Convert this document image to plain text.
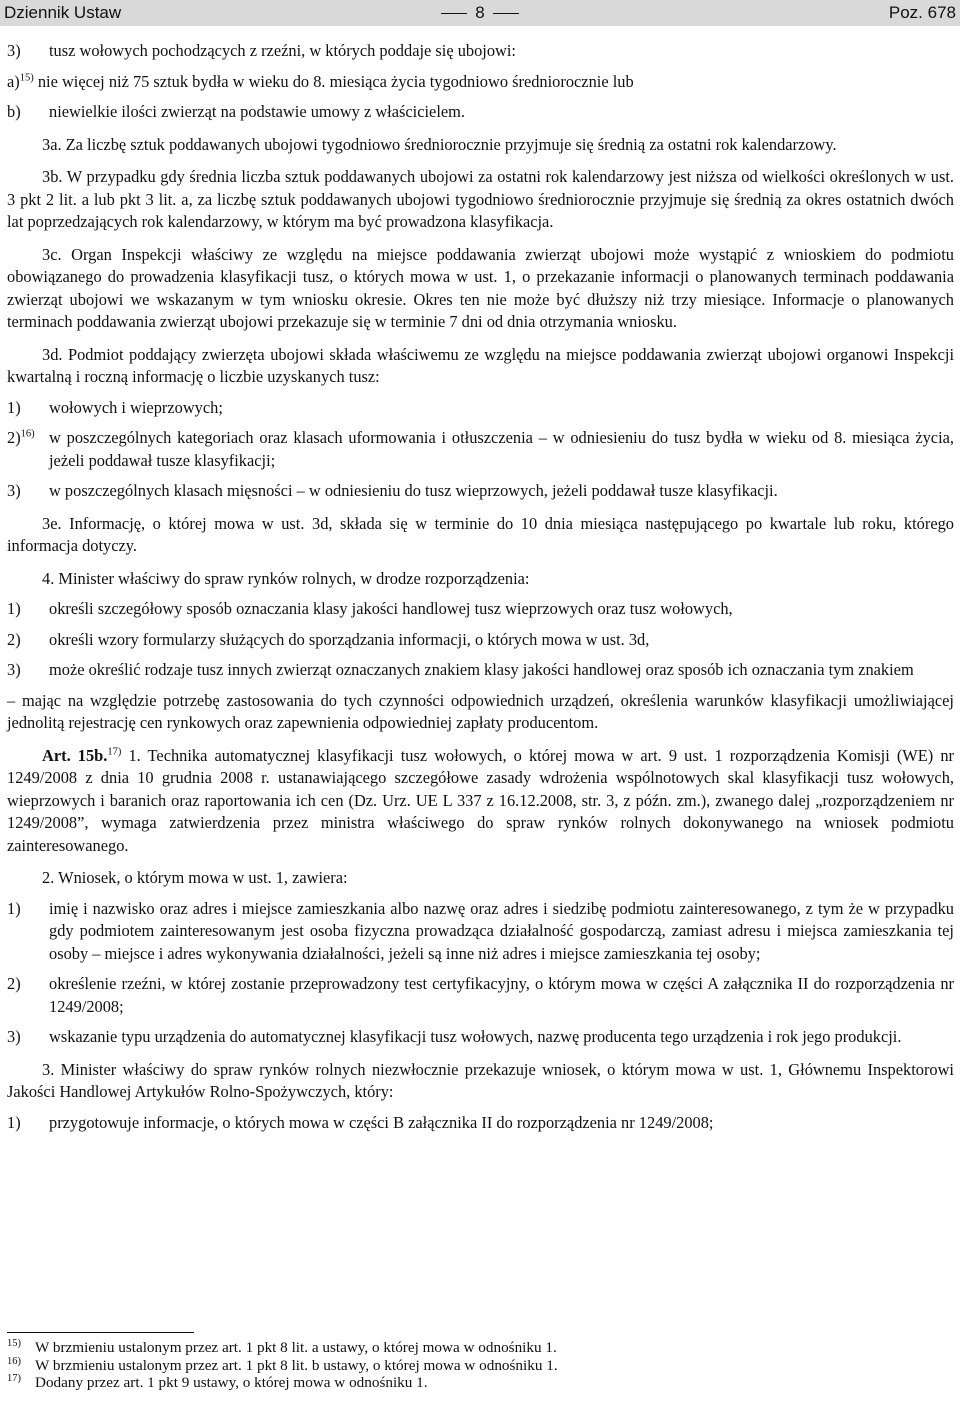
Dziennik Ustaw	8	Poz. 678
3) tusz wołowych pochodzących z rzeźni, w których poddaje się ubojowi:
a)$^{15)}$ nie więcej niż 75 sztuk bydła w wieku do 8. miesiąca życia tygodniowo średniorocznie lub
b) niewielkie ilości zwierząt na podstawie umowy z właścicielem.

3a. Za liczbę sztuk poddawanych ubojowi tygodniowo średniorocznie przyjmuje się średnią za ostatni rok kalendarzowy.

3b. W przypadku gdy średnia liczba sztuk poddawanych ubojowi za ostatni rok kalendarzowy jest niższa od wielkości określonych w ust. 3 pkt 2 lit. a lub pkt 3 lit. a, za liczbę sztuk poddawanych ubojowi tygodniowo średniorocznie przyjmuje się średnią za okres ostatnich dwóch lat poprzedzających rok kalendarzowy, w którym ma być prowadzona klasyfikacja.

3c. Organ Inspekcji właściwy ze względu na miejsce poddawania zwierząt ubojowi może wystąpić z wnioskiem do podmiotu obowiązanego do prowadzenia klasyfikacji tusz, o których mowa w ust. 1, o przekazanie informacji o planowanych terminach poddawania zwierząt ubojowi we wskazanym w tym wniosku okresie. Okres ten nie może być dłuższy niż trzy miesiące. Informacje o planowanych terminach poddawania zwierząt ubojowi przekazuje się w terminie 7 dni od dnia otrzymania wniosku.

3d. Podmiot poddający zwierzęta ubojowi składa właściwemu ze względu na miejsce poddawania zwierząt ubojowi organowi Inspekcji kwartalną i roczną informację o liczbie uzyskanych tusz:

1) wołowych i wieprzowych;
2)$^{16)}$ w poszczególnych kategoriach oraz klasach uformowania i otłuszczenia – w odniesieniu do tusz bydła w wieku od 8. miesiąca życia, jeżeli poddawał tusze klasyfikacji;
3) w poszczególnych klasach mięsności – w odniesieniu do tusz wieprzowych, jeżeli poddawał tusze klasyfikacji.

3e. Informację, o której mowa w ust. 3d, składa się w terminie do 10 dnia miesiąca następującego po kwartale lub roku, którego informacja dotyczy.

4. Minister właściwy do spraw rynków rolnych, w drodze rozporządzenia:

1) określi szczegółowy sposób oznaczania klasy jakości handlowej tusz wieprzowych oraz tusz wołowych,
2) określi wzory formularzy służących do sporządzania informacji, o których mowa w ust. 3d,
3) może określić rodzaje tusz innych zwierząt oznaczanych znakiem klasy jakości handlowej oraz sposób ich oznaczania tym znakiem

– mając na względzie potrzebę zastosowania do tych czynności odpowiednich urządzeń, określenia warunków klasyfikacji umożliwiającej jednolitą rejestrację cen rynkowych oraz zapewnienia odpowiedniej zapłaty producentom.

Art. 15b.$^{17)}$ 1. Technika automatycznej klasyfikacji tusz wołowych, o której mowa w art. 9 ust. 1 rozporządzenia Komisji (WE) nr 1249/2008 z dnia 10 grudnia 2008 r. ustanawiającego szczegółowe zasady wdrożenia wspólnotowych skal klasyfikacji tusz wołowych, wieprzowych i baranich oraz raportowania ich cen (Dz. Urz. UE L 337 z 16.12.2008, str. 3, z późn. zm.), zwanego dalej „rozporządzeniem nr 1249/2008”, wymaga zatwierdzenia przez ministra właściwego do spraw rynków rolnych dokonywanego na wniosek podmiotu zainteresowanego.

2. Wniosek, o którym mowa w ust. 1, zawiera:

1) imię i nazwisko oraz adres i miejsce zamieszkania albo nazwę oraz adres i siedzibę podmiotu zainteresowanego, z tym że w przypadku gdy podmiotem zainteresowanym jest osoba fizyczna prowadząca działalność gospodarczą, zamiast adresu i miejsca zamieszkania tej osoby – miejsce i adres wykonywania działalności, jeżeli są inne niż adres i miejsce zamieszkania tej osoby;
2) określenie rzeźni, w której zostanie przeprowadzony test certyfikacyjny, o którym mowa w części A załącznika II do rozporządzenia nr 1249/2008;
3) wskazanie typu urządzenia do automatycznej klasyfikacji tusz wołowych, nazwę producenta tego urządzenia i rok jego produkcji.

3. Minister właściwy do spraw rynków rolnych niezwłocznie przekazuje wniosek, o którym mowa w ust. 1, Głównemu Inspektorowi Jakości Handlowej Artykułów Rolno-Spożywczych, który:

1) przygotowuje informacje, o których mowa w części B załącznika II do rozporządzenia nr 1249/2008;
15) W brzmieniu ustalonym przez art. 1 pkt 8 lit. a ustawy, o której mowa w odnośniku 1.
16) W brzmieniu ustalonym przez art. 1 pkt 8 lit. b ustawy, o której mowa w odnośniku 1.
17) Dodany przez art. 1 pkt 9 ustawy, o której mowa w odnośniku 1.
